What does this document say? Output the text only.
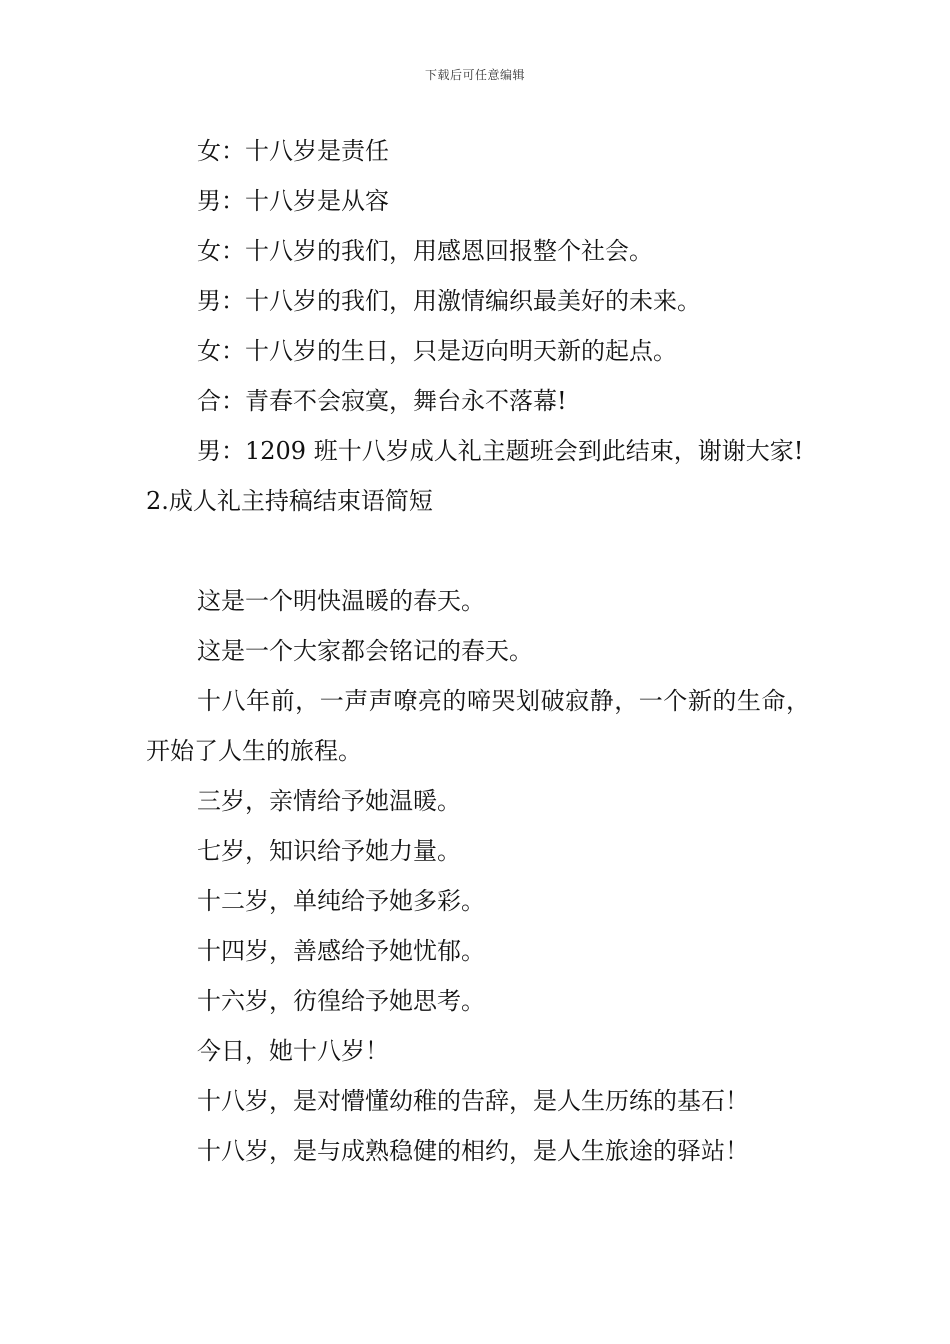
下载后可任意编辑
女：十八岁是责任
男：十八岁是从容
女：十八岁的我们，用感恩回报整个社会。
男：十八岁的我们，用激情编织最美好的未来。
女：十八岁的生日，只是迈向明天新的起点。
合：青春不会寂寞，舞台永不落幕!
男：1209 班十八岁成人礼主题班会到此结束，谢谢大家!
2.成人礼主持稿结束语简短
这是一个明快温暖的春天。
这是一个大家都会铭记的春天。
十八年前，一声声嘹亮的啼哭划破寂静，一个新的生命，开始了人生的旅程。
三岁，亲情给予她温暖。
七岁，知识给予她力量。
十二岁，单纯给予她多彩。
十四岁，善感给予她忧郁。
十六岁，彷徨给予她思考。
今日，她十八岁！
十八岁，是对懵懂幼稚的告辞，是人生历练的基石！
十八岁，是与成熟稳健的相约，是人生旅途的驿站！
